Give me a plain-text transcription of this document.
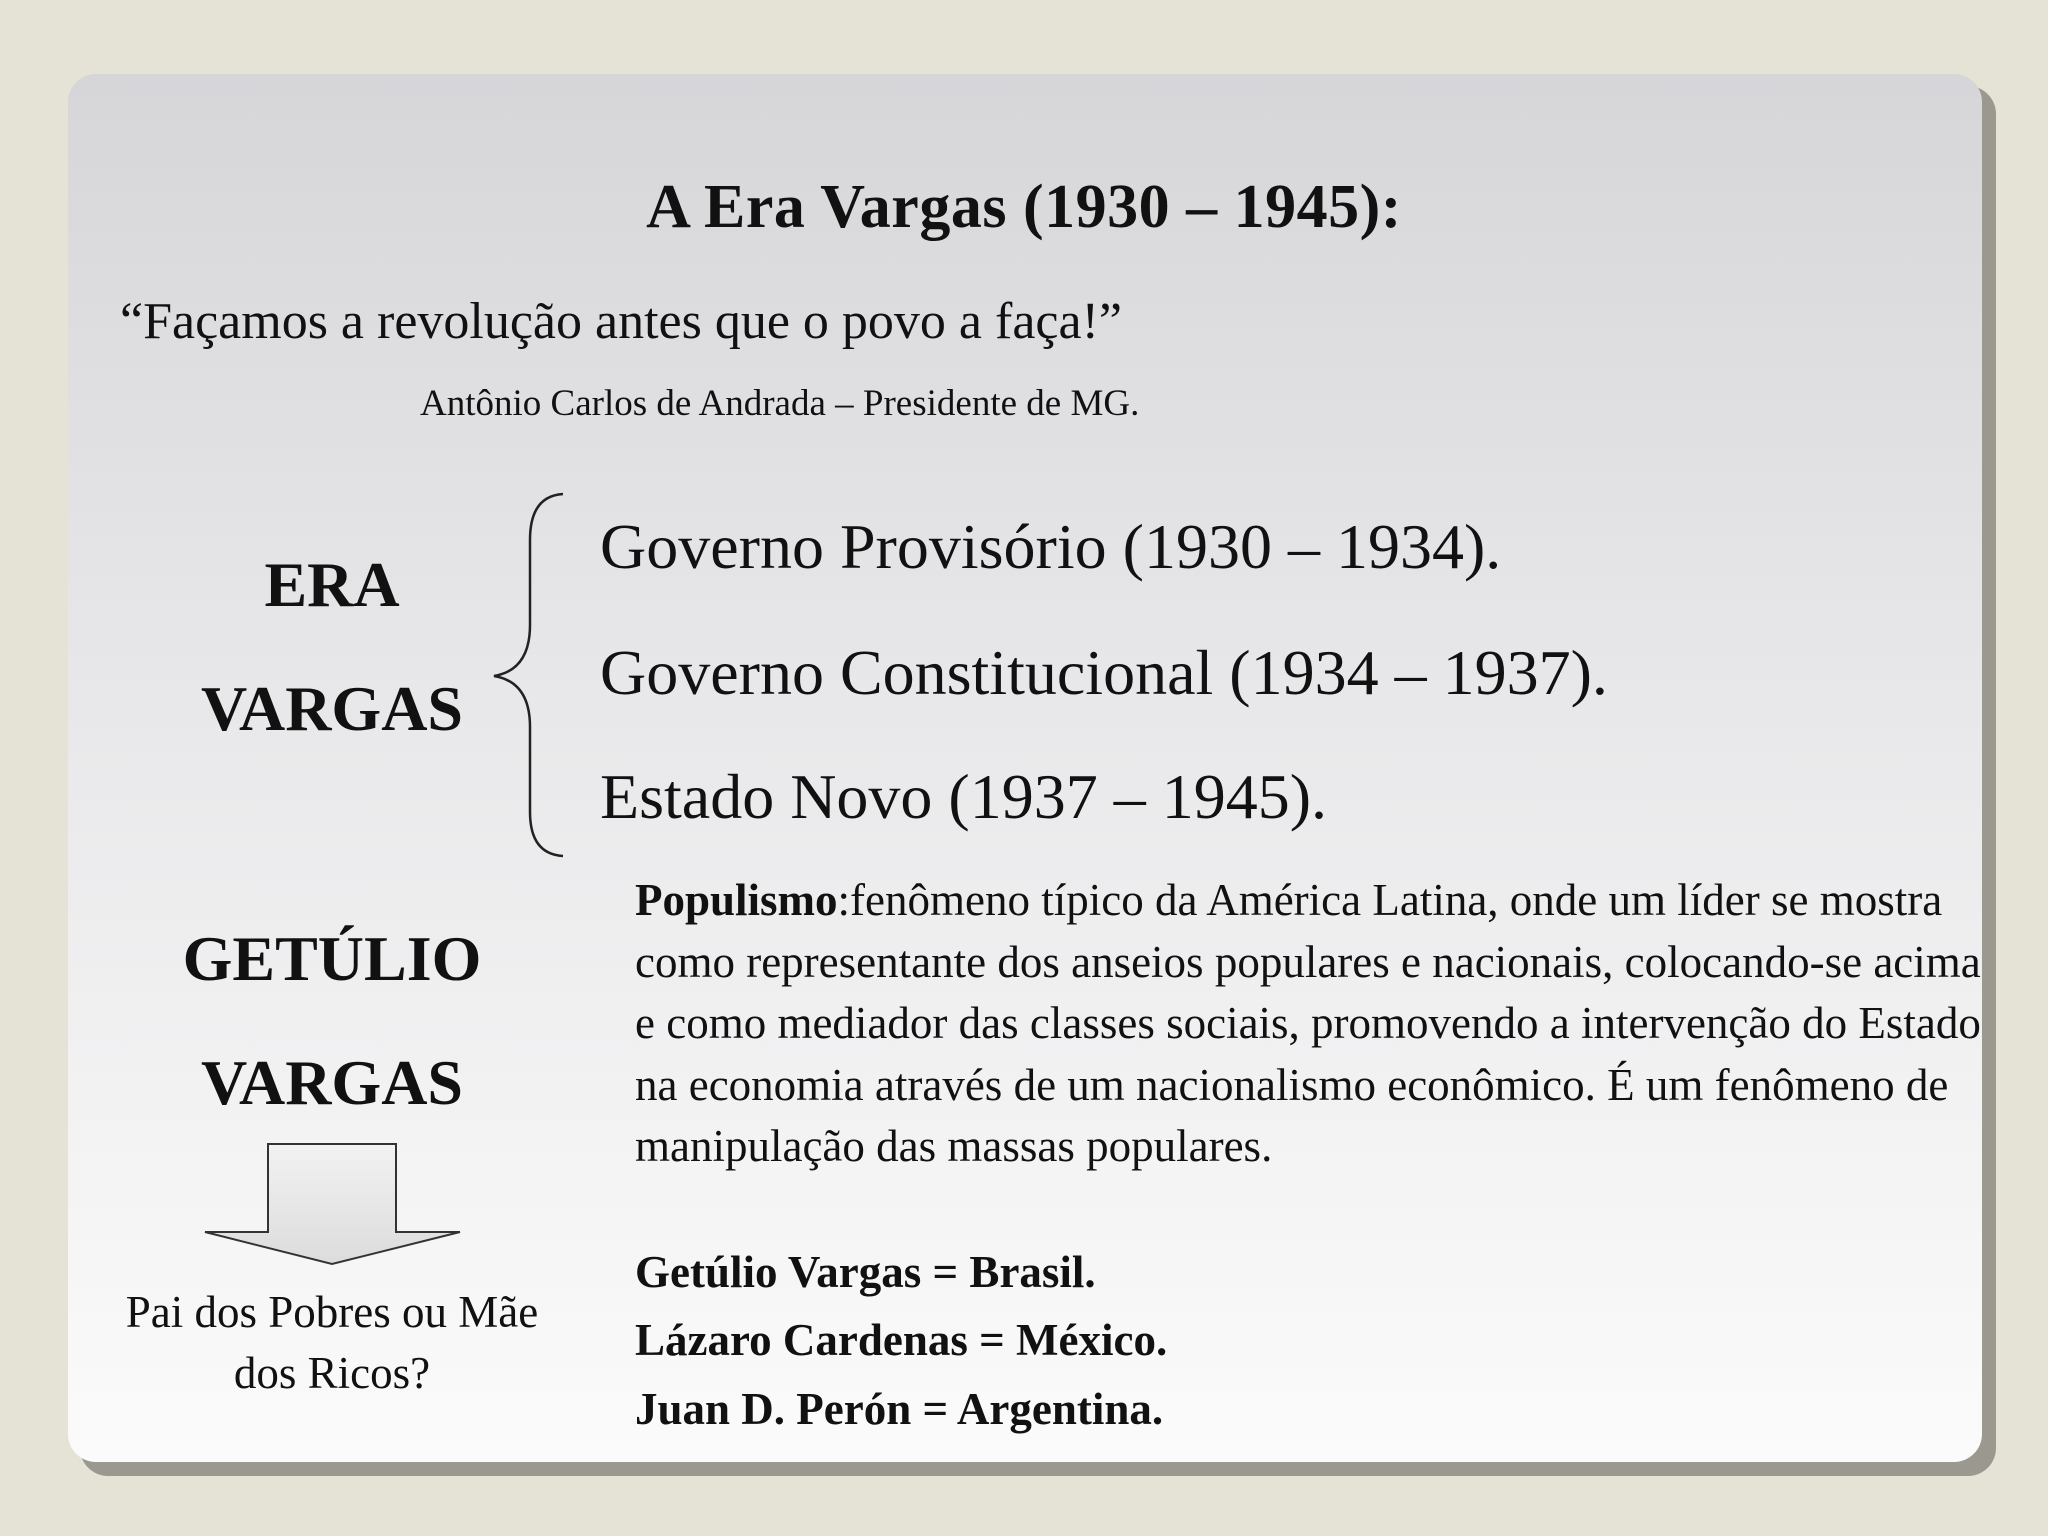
A Era Vargas (1930 – 1945):
“Façamos a revolução antes que o povo a faça!”
Antônio Carlos de Andrada – Presidente de MG.
ERA
VARGAS
Governo Provisório (1930 – 1934).
Governo Constitucional (1934 – 1937).
Estado Novo (1937 – 1945).
GETÚLIO
VARGAS
Pai dos Pobres ou Mãe dos Ricos?
Populismo:fenômeno típico da América Latina, onde um líder se mostra como representante dos anseios populares e nacionais, colocando-se acima e como mediador das classes sociais, promovendo a intervenção do Estado na economia através de um nacionalismo econômico. É um fenômeno de manipulação das massas populares.
Getúlio Vargas = Brasil.
Lázaro Cardenas = México.
Juan D. Perón = Argentina.
